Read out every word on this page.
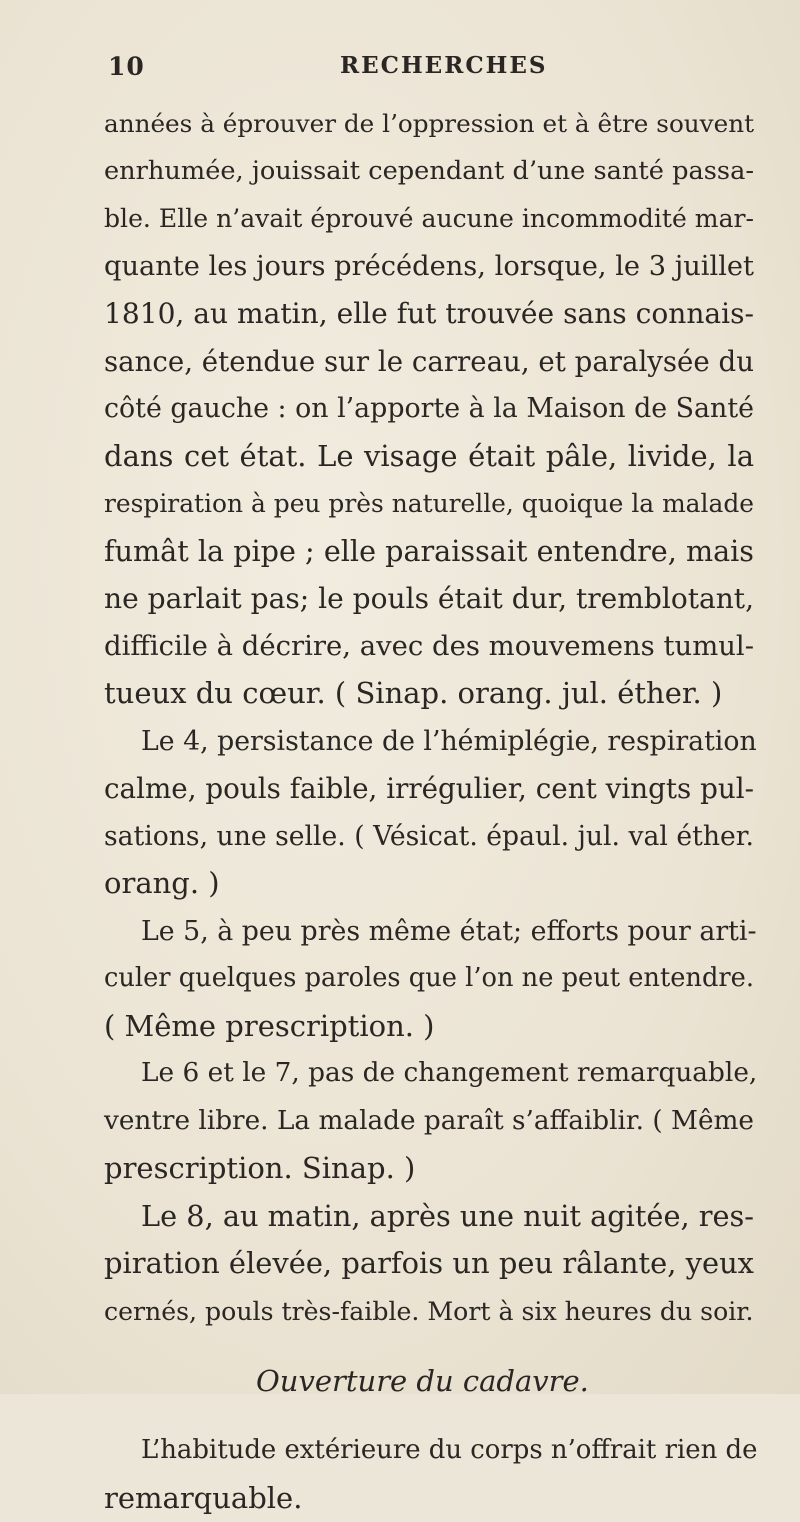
10	RECHERCHES

années à éprouver de l’oppression et à être souvent
enrhumée, jouissait cependant d’une santé passa-
ble. Elle n’avait éprouvé aucune incommodité mar-
quante les jours précédens, lorsque, le 3 juillet
1810, au matin, elle fut trouvée sans connais-
sance, étendue sur le carreau, et paralysée du
côté gauche : on l’apporte à la Maison de Santé
dans cet état. Le visage était pâle, livide, la
respiration à peu près naturelle, quoique la malade
fumât la pipe ; elle paraissait entendre, mais
ne parlait pas; le pouls était dur, tremblotant,
difficile à décrire, avec des mouvemens tumul-
tueux du cœur. ( Sinap. orang. jul. éther. )

Le 4, persistance de l’hémiplégie, respiration
calme, pouls faible, irrégulier, cent vingts pul-
sations, une selle. ( Vésicat. épaul. jul. val éther.
orang. )

Le 5, à peu près même état; efforts pour arti-
culer quelques paroles que l’on ne peut entendre.
( Même prescription. )

Le 6 et le 7, pas de changement remarquable,
ventre libre. La malade paraît s’affaiblir. ( Même
prescription. Sinap. )

Le 8, au matin, après une nuit agitée, res-
piration élevée, parfois un peu râlante, yeux
cernés, pouls très-faible. Mort à six heures du soir.

Ouverture du cadavre.

L’habitude extérieure du corps n’offrait rien de
remarquable.
